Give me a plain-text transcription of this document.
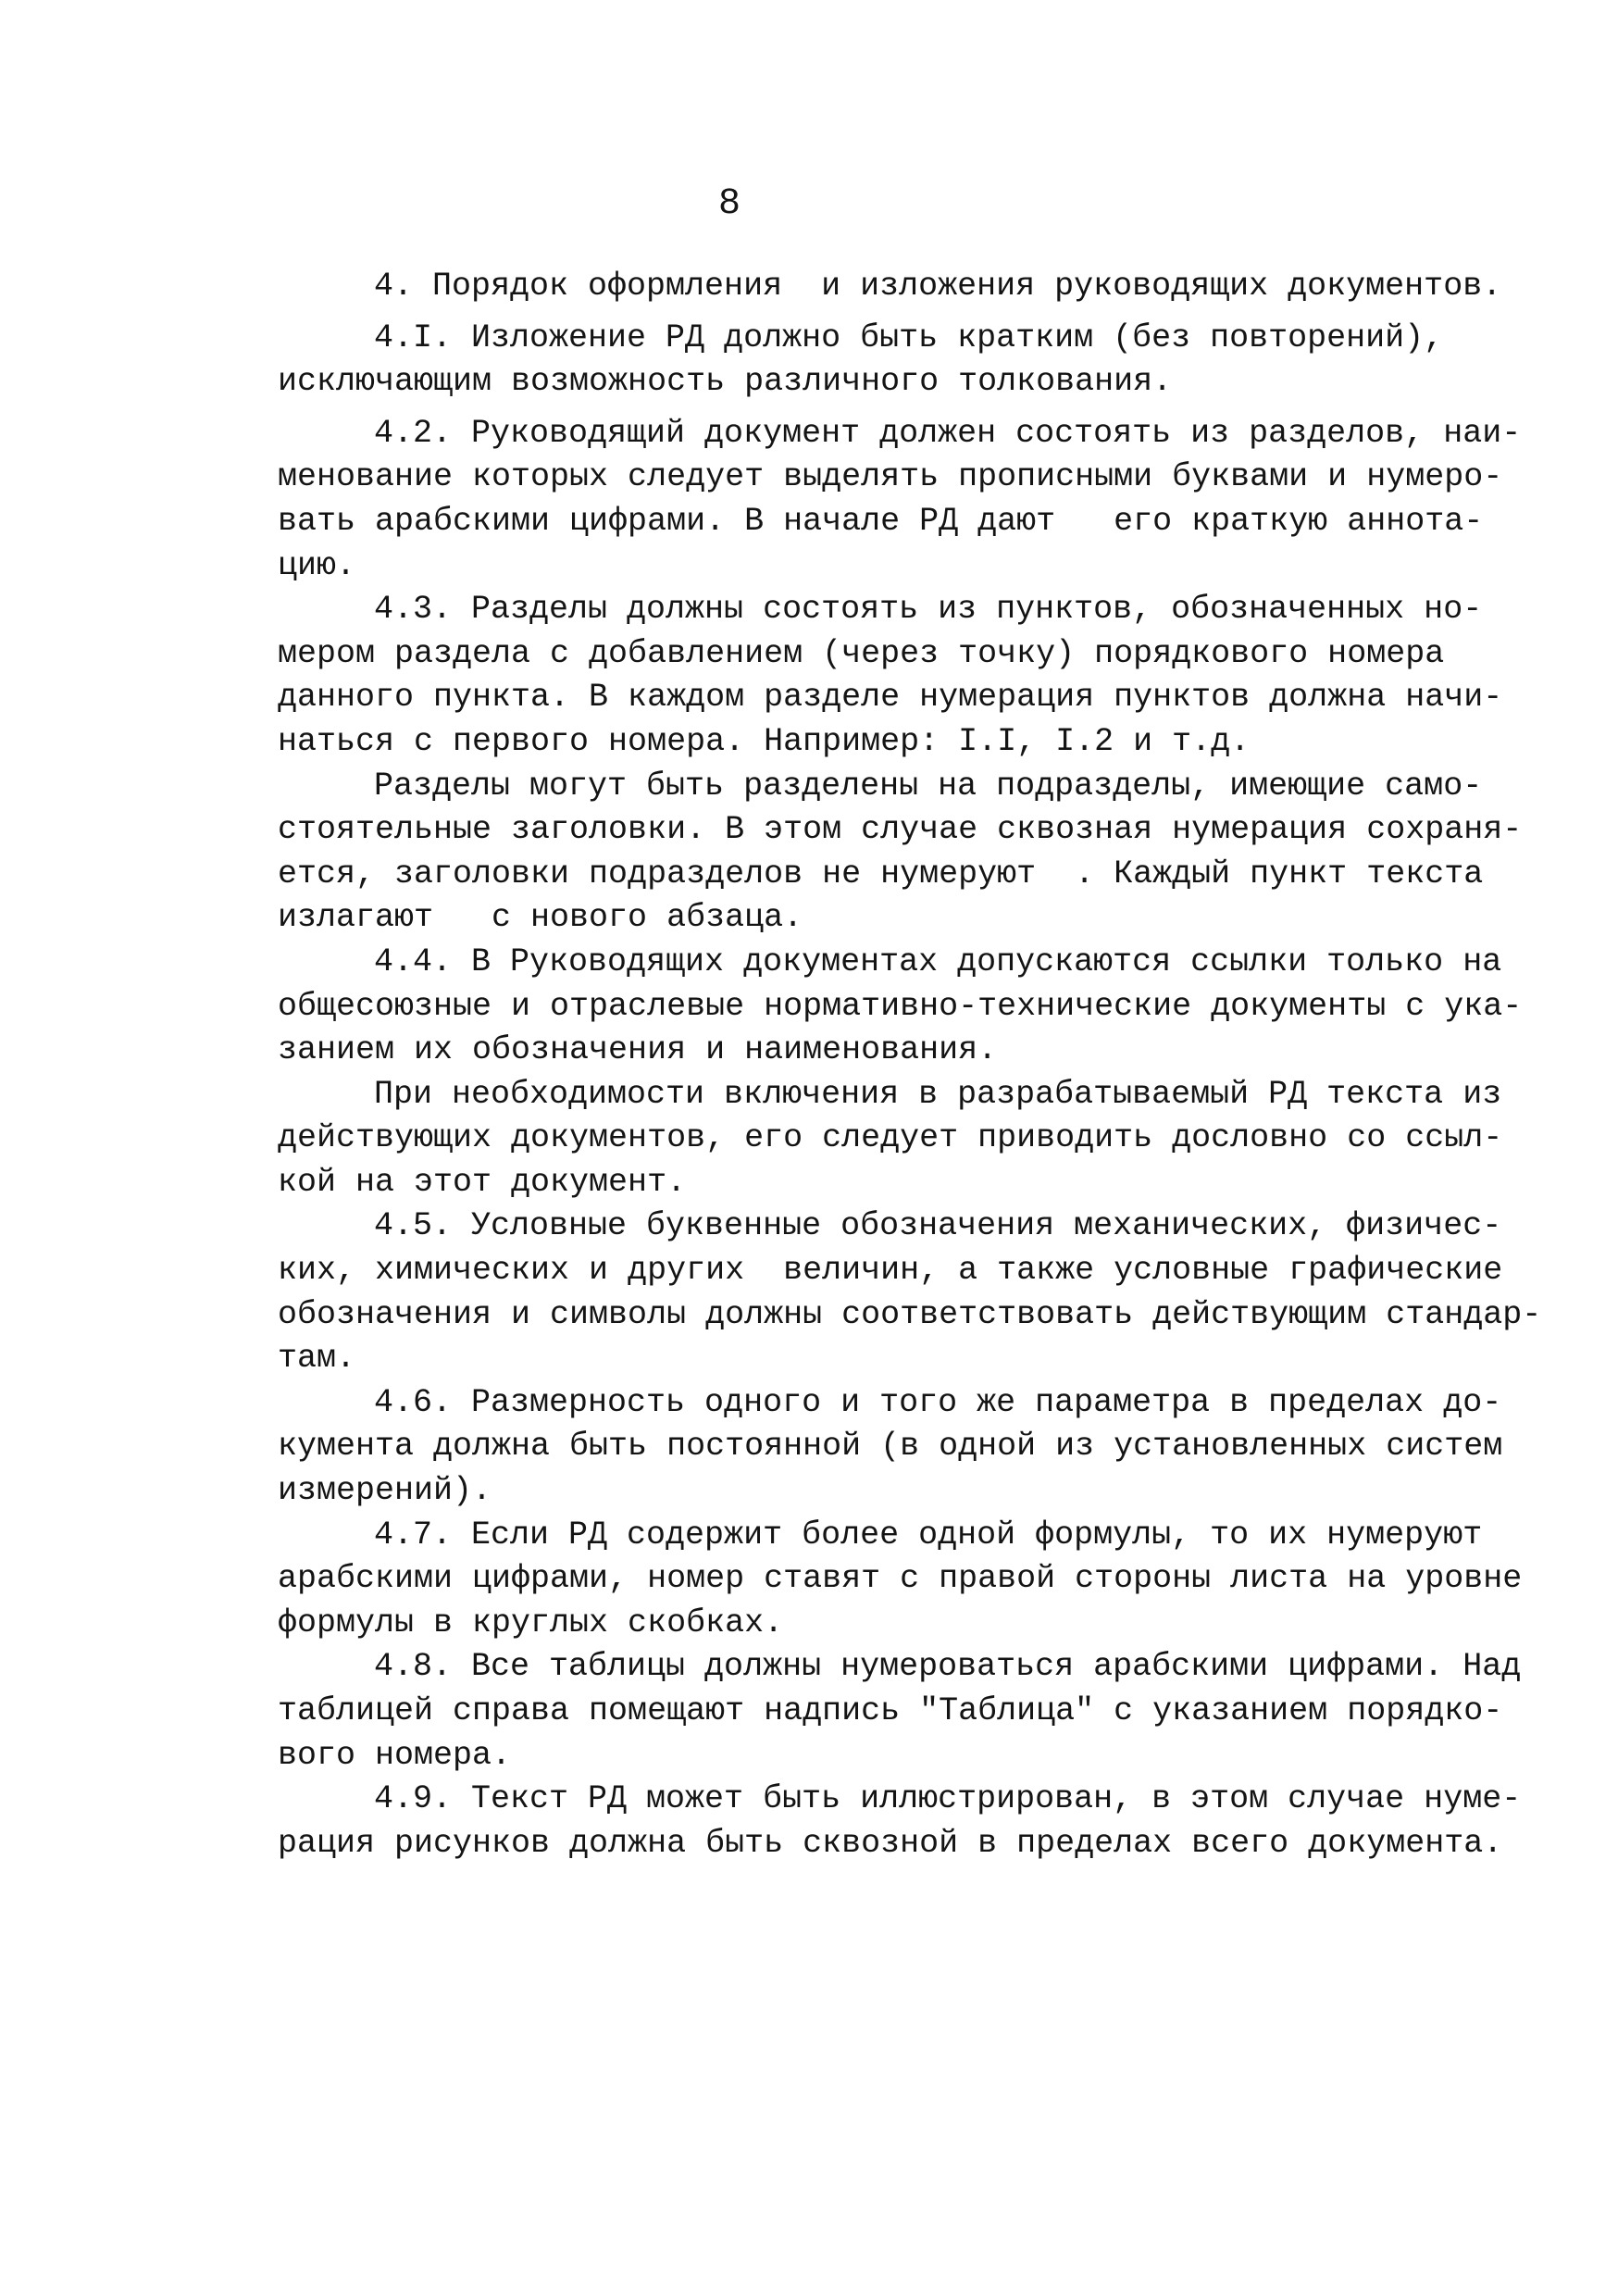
8
4. Порядок оформления  и изложения руководящих документов.
4.I. Изложение РД должно быть кратким (без повторений),
исключающим возможность различного толкования.
4.2. Руководящий документ должен состоять из разделов, наи-
менование которых следует выделять прописными буквами и нумеро-
вать арабскими цифрами. В начале РД дают   его краткую аннота-
цию.
4.3. Разделы должны состоять из пунктов, обозначенных но-
мером раздела с добавлением (через точку) порядкового номера
данного пункта. В каждом разделе нумерация пунктов должна начи-
наться с первого номера. Например: I.I, I.2 и т.д.
Разделы могут быть разделены на подразделы, имеющие само-
стоятельные заголовки. В этом случае сквозная нумерация сохраня-
ется, заголовки подразделов не нумеруют  . Каждый пункт текста
излагают   с нового абзаца.
4.4. В Руководящих документах допускаются ссылки только на
общесоюзные и отраслевые нормативно-технические документы с ука-
занием их обозначения и наименования.
При необходимости включения в разрабатываемый РД текста из
действующих документов, его следует приводить дословно со ссыл-
кой на этот документ.
4.5. Условные буквенные обозначения механических, физичес-
ких, химических и других  величин, а также условные графические
обозначения и символы должны соответствовать действующим стандар-
там.
4.6. Размерность одного и того же параметра в пределах до-
кумента должна быть постоянной (в одной из установленных систем
измерений).
4.7. Если РД содержит более одной формулы, то их нумеруют
арабскими цифрами, номер ставят с правой стороны листа на уровне
формулы в круглых скобках.
4.8. Все таблицы должны нумероваться арабскими цифрами. Над
таблицей справа помещают надпись "Таблица" с указанием порядко-
вого номера.
4.9. Текст РД может быть иллюстрирован, в этом случае нуме-
рация рисунков должна быть сквозной в пределах всего документа.
